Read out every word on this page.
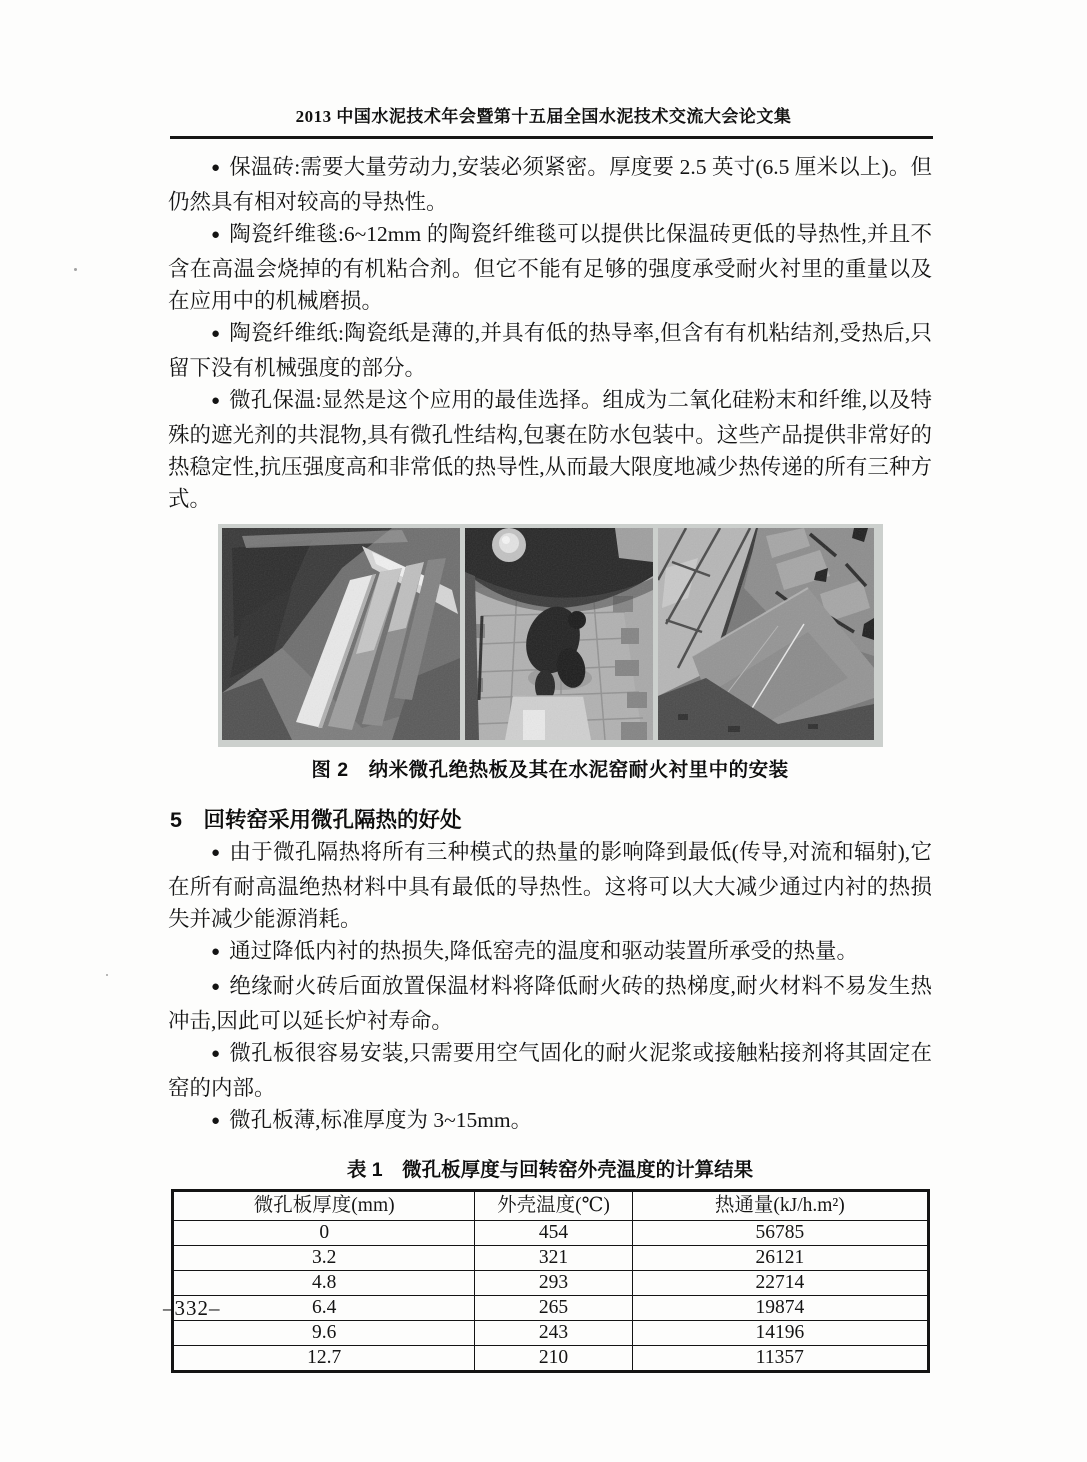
2013 中国水泥技术年会暨第十五届全国水泥技术交流大会论文集

● 保温砖:需要大量劳动力,安装必须紧密。厚度要 2.5 英寸(6.5 厘米以上)。但仍然具有相对较高的导热性。

● 陶瓷纤维毯:6~12mm 的陶瓷纤维毯可以提供比保温砖更低的导热性,并且不含在高温会烧掉的有机粘合剂。但它不能有足够的强度承受耐火衬里的重量以及在应用中的机械磨损。

● 陶瓷纤维纸:陶瓷纸是薄的,并具有低的热导率,但含有有机粘结剂,受热后,只留下没有机械强度的部分。

● 微孔保温:显然是这个应用的最佳选择。组成为二氧化硅粉末和纤维,以及特殊的遮光剂的共混物,具有微孔性结构,包裹在防水包装中。这些产品提供非常好的热稳定性,抗压强度高和非常低的热导性,从而最大限度地减少热传递的所有三种方式。

图 2　纳米微孔绝热板及其在水泥窑耐火衬里中的安装
5　回转窑采用微孔隔热的好处

● 由于微孔隔热将所有三种模式的热量的影响降到最低(传导,对流和辐射),它在所有耐高温绝热材料中具有最低的导热性。这将可以大大减少通过内衬的热损失并减少能源消耗。

● 通过降低内衬的热损失,降低窑壳的温度和驱动装置所承受的热量。

● 绝缘耐火砖后面放置保温材料将降低耐火砖的热梯度,耐火材料不易发生热冲击,因此可以延长炉衬寿命。

● 微孔板很容易安装,只需要用空气固化的耐火泥浆或接触粘接剂将其固定在窑的内部。

● 微孔板薄,标准厚度为 3~15mm。

表 1　微孔板厚度与回转窑外壳温度的计算结果
微孔板厚度(mm)	外壳温度(℃)	热通量(kJ/h.m²)
0	454	56785
3.2	321	26121
4.8	293	22714
6.4	265	19874
9.6	243	14196
12.7	210	11357
–332–
